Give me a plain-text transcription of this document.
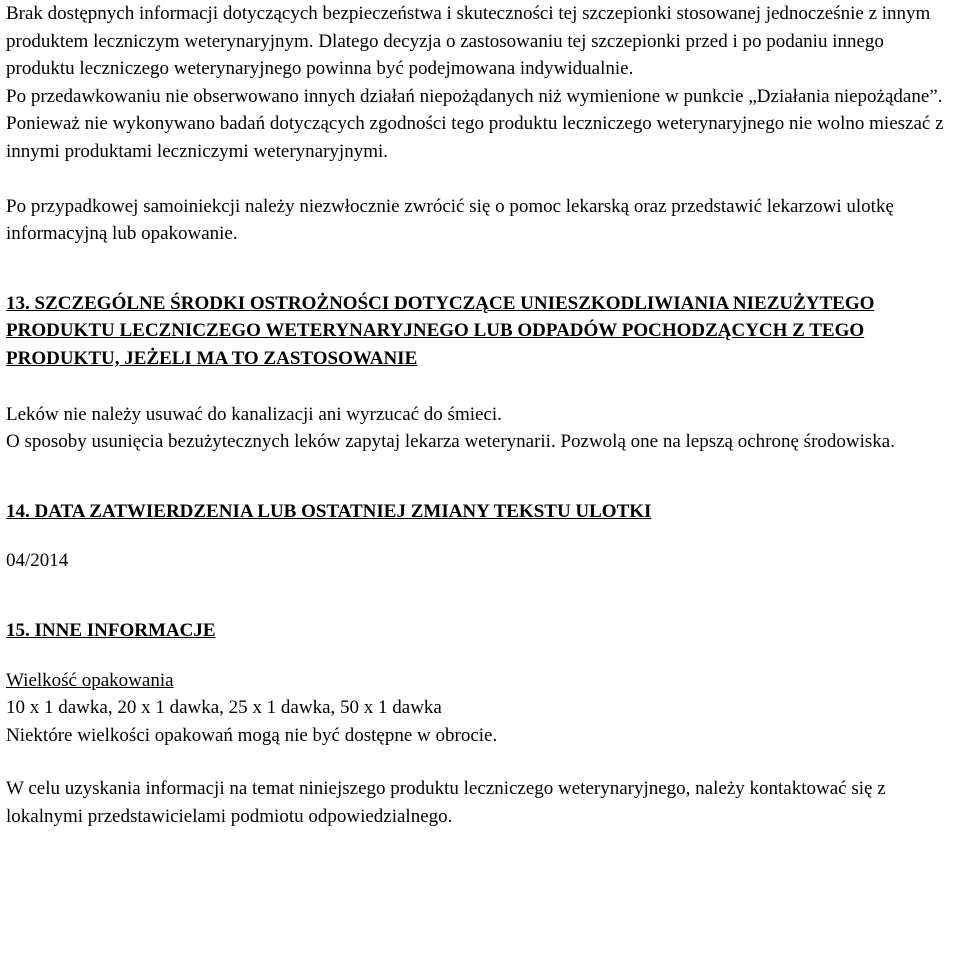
Brak dostępnych informacji dotyczących bezpieczeństwa i skuteczności tej szczepionki stosowanej jednocześnie z innym produktem leczniczym weterynaryjnym. Dlatego decyzja o zastosowaniu tej szczepionki przed i po podaniu innego produktu leczniczego weterynaryjnego powinna być podejmowana indywidualnie.

Po przedawkowaniu nie obserwowano innych działań niepożądanych niż wymienione w punkcie „Działania niepożądane”.

Ponieważ nie wykonywano badań dotyczących zgodności tego produktu leczniczego weterynaryjnego nie wolno mieszać z innymi produktami leczniczymi weterynaryjnymi.

Po przypadkowej samoiniekcji należy niezwłocznie zwrócić się o pomoc lekarską oraz przedstawić lekarzowi ulotkę informacyjną lub opakowanie.

13. SZCZEGÓLNE ŚRODKI OSTROŻNOŚCI DOTYCZĄCE UNIESZKODLIWIANIA NIEZUŻYTEGO PRODUKTU LECZNICZEGO WETERYNARYJNEGO LUB ODPADÓW POCHODZĄCYCH Z TEGO PRODUKTU, JEŻELI MA TO ZASTOSOWANIE

Leków nie należy usuwać do kanalizacji ani wyrzucać do śmieci.

O sposoby usunięcia bezużytecznych leków zapytaj lekarza weterynarii. Pozwolą one na lepszą ochronę środowiska.

14. DATA ZATWIERDZENIA LUB OSTATNIEJ ZMIANY TEKSTU ULOTKI

04/2014

15. INNE INFORMACJE

Wielkość opakowania

10 x 1 dawka, 20 x 1 dawka, 25 x 1 dawka, 50 x 1 dawka

Niektóre wielkości opakowań mogą nie być dostępne w obrocie.

W celu uzyskania informacji na temat niniejszego produktu leczniczego weterynaryjnego, należy kontaktować się z lokalnymi przedstawicielami podmiotu odpowiedzialnego.
